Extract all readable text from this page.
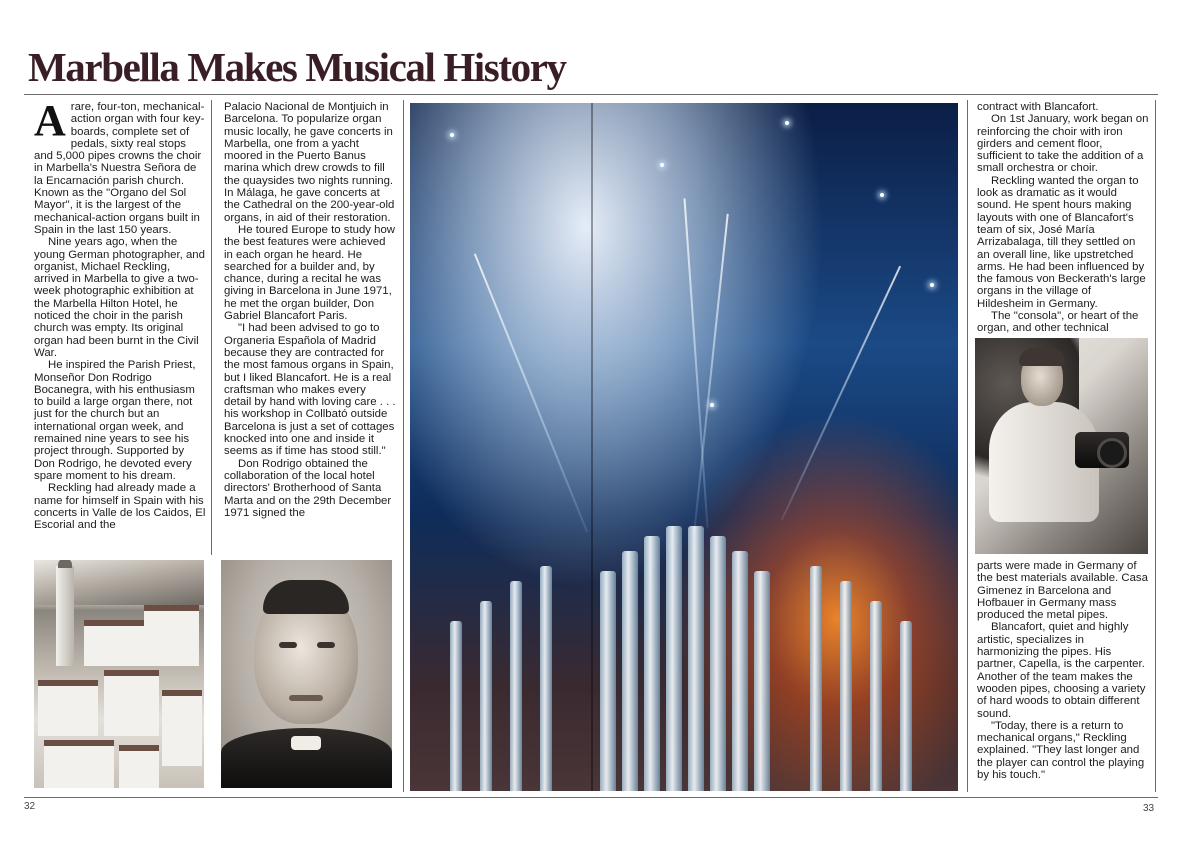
Marbella Makes Musical History
A rare, four-ton, mechanical-action organ with four key-boards, complete set of pedals, sixty real stops and 5,000 pipes crowns the choir in Marbella's Nuestra Señora de la Encarnación parish church. Known as the "Organo del Sol Mayor", it is the largest of the mechanical-action organs built in Spain in the last 150 years.

Nine years ago, when the young German photographer, and organist, Michael Reckling, arrived in Marbella to give a two-week photographic exhibition at the Marbella Hilton Hotel, he noticed the choir in the parish church was empty. Its original organ had been burnt in the Civil War.

He inspired the Parish Priest, Monseñor Don Rodrigo Bocanegra, with his enthusiasm to build a large organ there, not just for the church but an international organ week, and remained nine years to see his project through. Supported by Don Rodrigo, he devoted every spare moment to his dream.

Reckling had already made a name for himself in Spain with his concerts in Valle de los Caidos, El Escorial and the

Palacio Nacional de Montjuich in Barcelona. To popularize organ music locally, he gave concerts in Marbella, one from a yacht moored in the Puerto Banus marina which drew crowds to fill the quaysides two nights running. In Málaga, he gave concerts at the Cathedral on the 200-year-old organs, in aid of their restoration.

He toured Europe to study how the best features were achieved in each organ he heard. He searched for a builder and, by chance, during a recital he was giving in Barcelona in June 1971, he met the organ builder, Don Gabriel Blancafort Paris.

"I had been advised to go to Organeria Española of Madrid because they are contracted for the most famous organs in Spain, but I liked Blancafort. He is a real craftsman who makes every detail by hand with loving care . . . his workshop in Collbató outside Barcelona is just a set of cottages knocked into one and inside it seems as if time has stood still."

Don Rodrigo obtained the collaboration of the local hotel directors' Brotherhood of Santa Marta and on the 29th December 1971 signed the

contract with Blancafort.

On 1st January, work began on reinforcing the choir with iron girders and cement floor, sufficient to take the addition of a small orchestra or choir.

Reckling wanted the organ to look as dramatic as it would sound. He spent hours making layouts with one of Blancafort's team of six, José María Arrizabalaga, till they settled on an overall line, like upstretched arms. He had been influenced by the famous von Beckerath's large organs in the village of Hildesheim in Germany.

The "consola", or heart of the organ, and other technical

parts were made in Germany of the best materials available. Casa Gimenez in Barcelona and Hofbauer in Germany mass produced the metal pipes.

Blancafort, quiet and highly artistic, specializes in harmonizing the pipes. His partner, Capella, is the carpenter. Another of the team makes the wooden pipes, choosing a variety of hard woods to obtain different sound.

"Today, there is a return to mechanical organs," Reckling explained. "They last longer and the player can control the playing by his touch."

32	33
